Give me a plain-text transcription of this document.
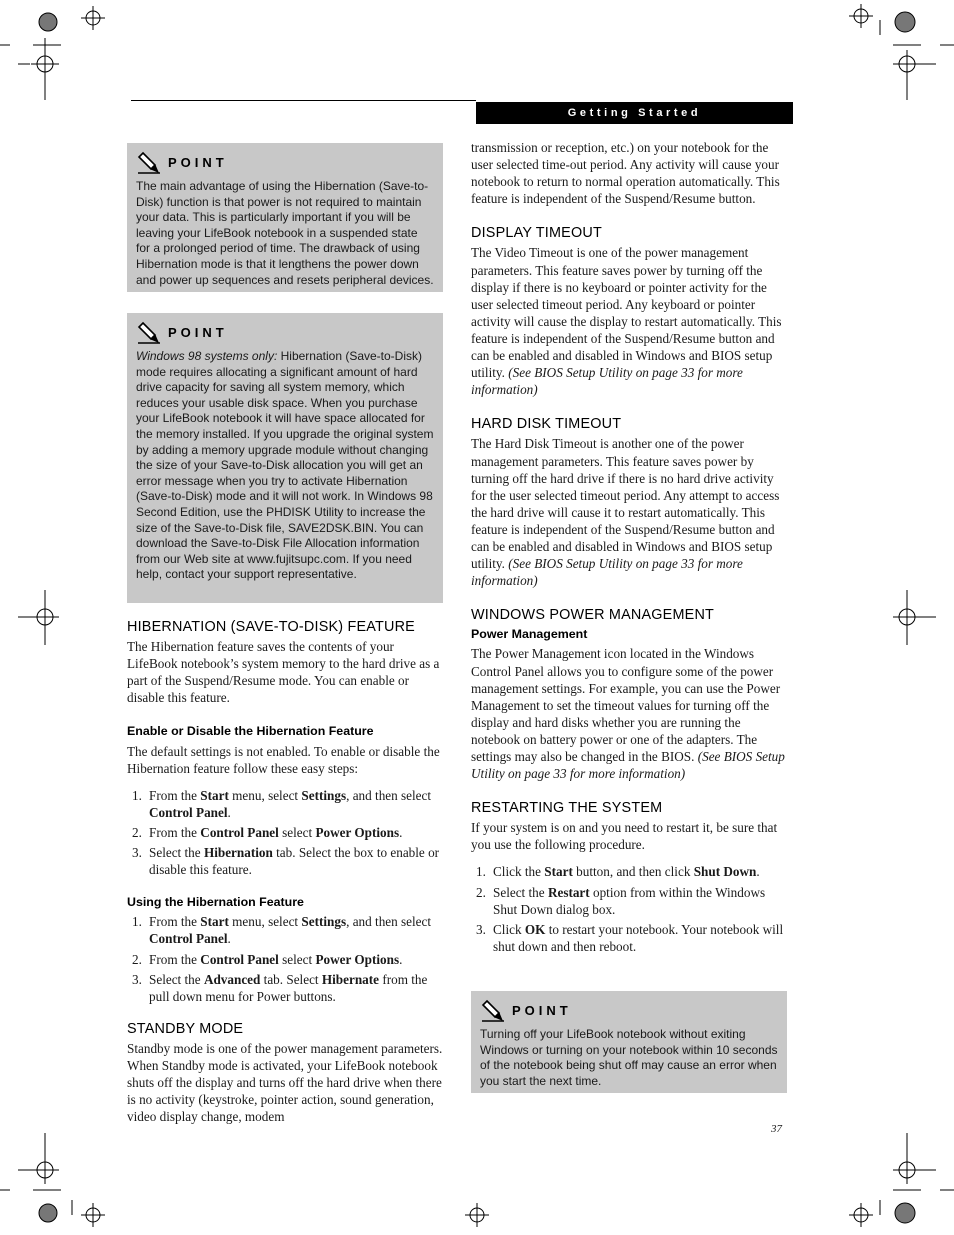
Getting Started
POINT

The main advantage of using the Hibernation (Save-to-Disk) function is that power is not required to maintain your data. This is particularly important if you will be leaving your LifeBook notebook in a suspended state for a prolonged period of time. The drawback of using Hibernation mode is that it lengthens the power down and power up sequences and resets peripheral devices.

POINT

Windows 98 systems only: Hibernation (Save-to-Disk) mode requires allocating a significant amount of hard drive capacity for saving all system memory, which reduces your usable disk space. When you purchase your LifeBook notebook it will have space allocated for the memory installed. If you upgrade the original system by adding a memory upgrade module without changing the size of your Save-to-Disk allocation you will get an error message when you try to activate Hibernation (Save-to-Disk) mode and it will not work. In Windows 98 Second Edition, use the PHDISK Utility to increase the size of the Save-to-Disk file, SAVE2DSK.BIN. You can download the Save-to-Disk File Allocation information from our Web site at www.fujitsupc.com. If you need help, contact your support representative.

HIBERNATION (SAVE-TO-DISK) FEATURE

The Hibernation feature saves the contents of your LifeBook notebook’s system memory to the hard drive as a part of the Suspend/Resume mode. You can enable or disable this feature.

Enable or Disable the Hibernation Feature

The default settings is not enabled. To enable or disable the Hibernation feature follow these easy steps:

1. From the Start menu, select Settings, and then select Control Panel.
2. From the Control Panel select Power Options.
3. Select the Hibernation tab. Select the box to enable or disable this feature.
Using the Hibernation Feature
1. From the Start menu, select Settings, and then select Control Panel.
2. From the Control Panel select Power Options.
3. Select the Advanced tab. Select Hibernate from the pull down menu for Power buttons.
STANDBY MODE

Standby mode is one of the power management parameters. When Standby mode is activated, your LifeBook notebook shuts off the display and turns off the hard drive when there is no activity (keystroke, pointer action, sound generation, video display change, modem

transmission or reception, etc.) on your notebook for the user selected time-out period. Any activity will cause your notebook to return to normal operation automatically. This feature is independent of the Suspend/Resume button.

DISPLAY TIMEOUT

The Video Timeout is one of the power management parameters. This feature saves power by turning off the display if there is no keyboard or pointer activity for the user selected timeout period. Any keyboard or pointer activity will cause the display to restart automatically. This feature is independent of the Suspend/Resume button and can be enabled and disabled in Windows and BIOS setup utility. (See BIOS Setup Utility on page 33 for more information)

HARD DISK TIMEOUT

The Hard Disk Timeout is another one of the power management parameters. This feature saves power by turning off the hard drive if there is no hard drive activity for the user selected timeout period. Any attempt to access the hard drive will cause it to restart automatically. This feature is independent of the Suspend/Resume button and can be enabled and disabled in Windows and BIOS setup utility. (See BIOS Setup Utility on page 33 for more information)

WINDOWS POWER MANAGEMENT
Power Management

The Power Management icon located in the Windows Control Panel allows you to configure some of the power management settings. For example, you can use the Power Management to set the timeout values for turning off the display and hard disks whether you are running the notebook on battery power or one of the adapters. The settings may also be changed in the BIOS. (See BIOS Setup Utility on page 33 for more information)

RESTARTING THE SYSTEM

If your system is on and you need to restart it, be sure that you use the following procedure.

1. Click the Start button, and then click Shut Down.
2. Select the Restart option from within the Windows Shut Down dialog box.
3. Click OK to restart your notebook. Your notebook will shut down and then reboot.
POINT

Turning off your LifeBook notebook without exiting Windows or turning on your notebook within 10 seconds of the notebook being shut off may cause an error when you start the next time.

37
